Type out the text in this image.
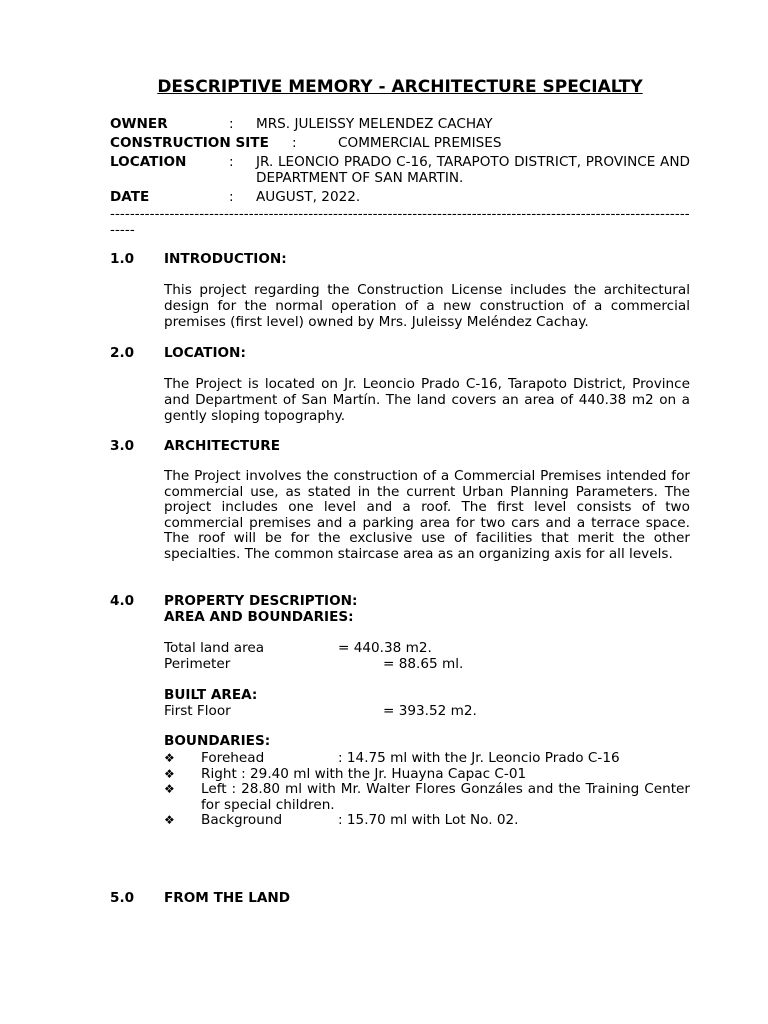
DESCRIPTIVE MEMORY - ARCHITECTURE SPECIALTY
OWNER	: MRS. JULEISSY MELENDEZ CACHAY
CONSTRUCTION SITE :	COMMERCIAL PREMISES
LOCATION	: JR. LEONCIO PRADO C-16, TARAPOTO DISTRICT, PROVINCE AND DEPARTMENT OF SAN MARTIN.
DATE	: AUGUST, 2022.
--------------------------------------------------------------------------------------------------------------------------
1.0 INTRODUCTION:
This project regarding the Construction License includes the architectural design for the normal operation of a new construction of a commercial premises (first level) owned by Mrs. Juleissy Meléndez Cachay.
2.0 LOCATION:
The Project is located on Jr. Leoncio Prado C-16, Tarapoto District, Province and Department of San Martín. The land covers an area of 440.38 m2 on a gently sloping topography.
3.0 ARCHITECTURE
The Project involves the construction of a Commercial Premises intended for commercial use, as stated in the current Urban Planning Parameters. The project includes one level and a roof. The first level consists of two commercial premises and a parking area for two cars and a terrace space. The roof will be for the exclusive use of facilities that merit the other specialties. The common staircase area as an organizing axis for all levels.
4.0 PROPERTY DESCRIPTION:
AREA AND BOUNDARIES:
Total land area	= 440.38 m2.
Perimeter	= 88.65 ml.
BUILT AREA:
First Floor	= 393.52 m2.
BOUNDARIES:
❖ Forehead	: 14.75 ml with the Jr. Leoncio Prado C-16
❖ Right : 29.40 ml with the Jr. Huayna Capac C-01
❖ Left : 28.80 ml with Mr. Walter Flores Gonzáles and the Training Center for special children.
❖ Background	: 15.70 ml with Lot No. 02.
5.0 FROM THE LAND
